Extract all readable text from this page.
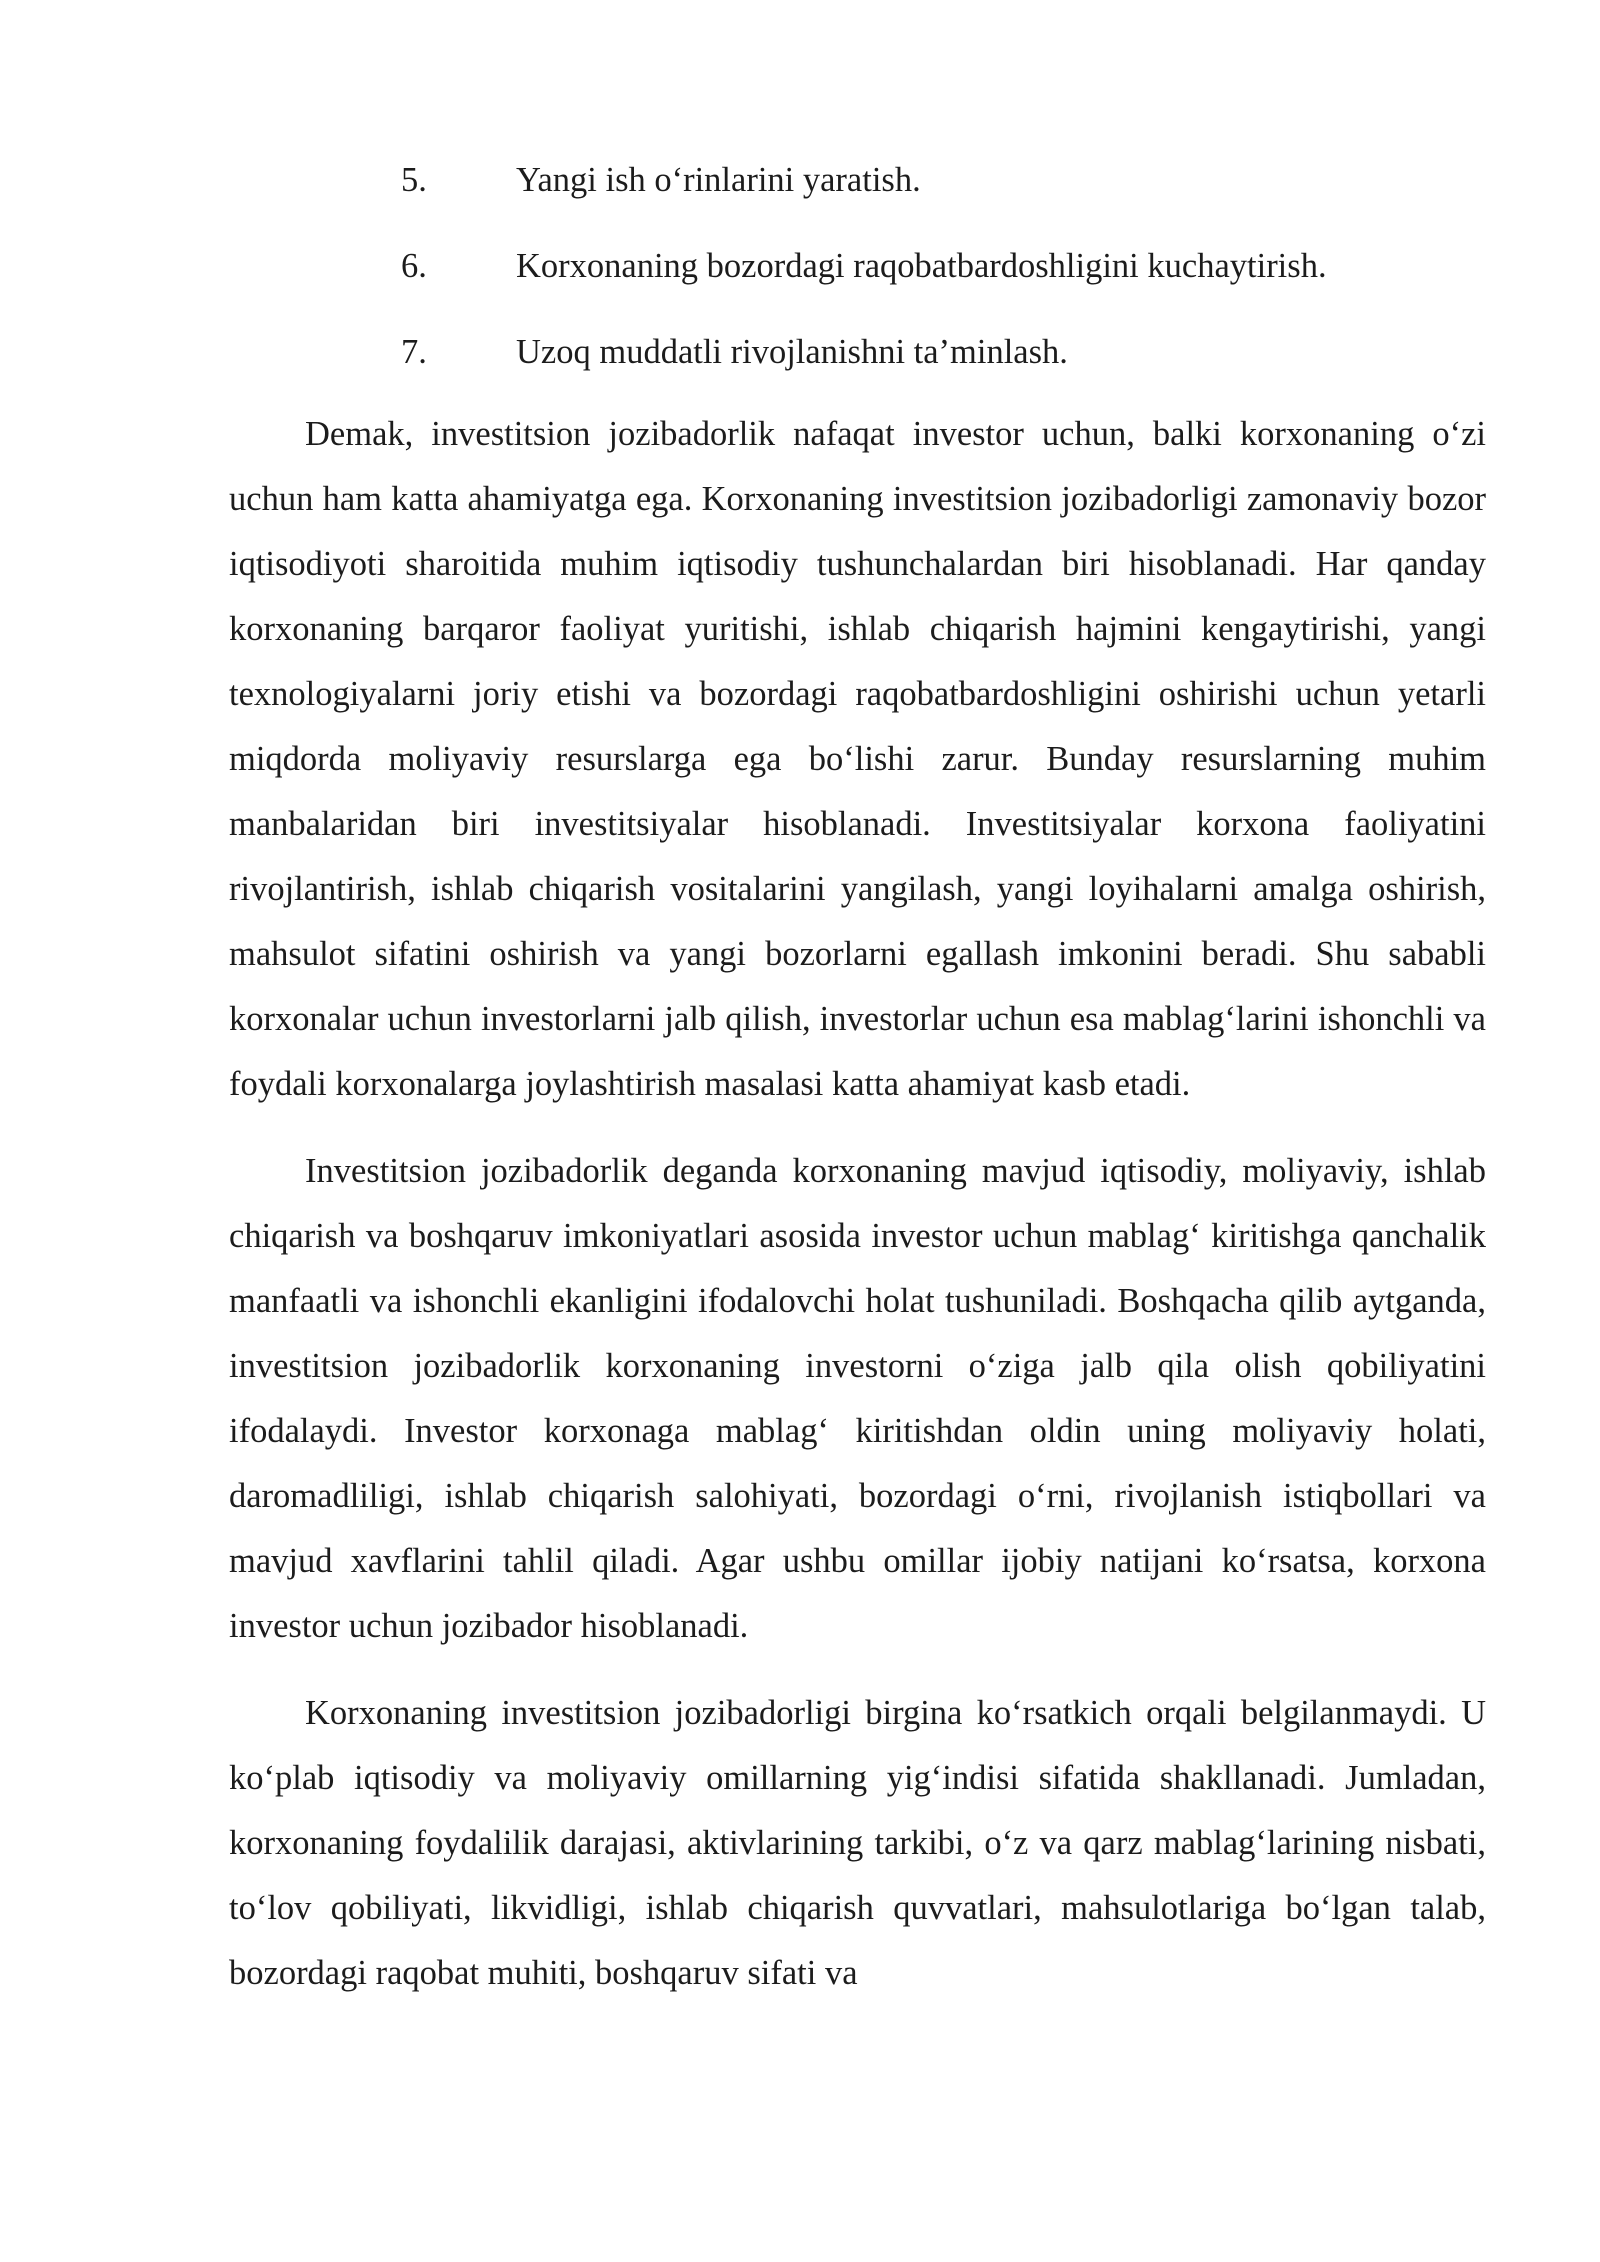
5.	Yangi ish o‘rinlarini yaratish.
6.	Korxonaning bozordagi raqobatbardoshligini kuchaytirish.
7.	Uzoq muddatli rivojlanishni ta’minlash.

Demak, investitsion jozibadorlik nafaqat investor uchun, balki korxonaning o‘zi uchun ham katta ahamiyatga ega. Korxonaning investitsion jozibadorligi zamonaviy bozor iqtisodiyoti sharoitida muhim iqtisodiy tushunchalardan biri hisoblanadi. Har qanday korxonaning barqaror faoliyat yuritishi, ishlab chiqarish hajmini kengaytirishi, yangi texnologiyalarni joriy etishi va bozordagi raqobatbardoshligini oshirishi uchun yetarli miqdorda moliyaviy resurslarga ega bo‘lishi zarur. Bunday resurslarning muhim manbalaridan biri investitsiyalar hisoblanadi. Investitsiyalar korxona faoliyatini rivojlantirish, ishlab chiqarish vositalarini yangilash, yangi loyihalarni amalga oshirish, mahsulot sifatini oshirish va yangi bozorlarni egallash imkonini beradi. Shu sababli korxonalar uchun investorlarni jalb qilish, investorlar uchun esa mablag‘larini ishonchli va foydali korxonalarga joylashtirish masalasi katta ahamiyat kasb etadi.

Investitsion jozibadorlik deganda korxonaning mavjud iqtisodiy, moliyaviy, ishlab chiqarish va boshqaruv imkoniyatlari asosida investor uchun mablag‘ kiritishga qanchalik manfaatli va ishonchli ekanligini ifodalovchi holat tushuniladi. Boshqacha qilib aytganda, investitsion jozibadorlik korxonaning investorni o‘ziga jalb qila olish qobiliyatini ifodalaydi. Investor korxonaga mablag‘ kiritishdan oldin uning moliyaviy holati, daromadliligi, ishlab chiqarish salohiyati, bozordagi o‘rni, rivojlanish istiqbollari va mavjud xavflarini tahlil qiladi. Agar ushbu omillar ijobiy natijani ko‘rsatsa, korxona investor uchun jozibador hisoblanadi.

Korxonaning investitsion jozibadorligi birgina ko‘rsatkich orqali belgilanmaydi. U ko‘plab iqtisodiy va moliyaviy omillarning yig‘indisi sifatida shakllanadi. Jumladan, korxonaning foydalilik darajasi, aktivlarining tarkibi, o‘z va qarz mablag‘larining nisbati, to‘lov qobiliyati, likvidligi, ishlab chiqarish quvvatlari, mahsulotlariga bo‘lgan talab, bozordagi raqobat muhiti, boshqaruv sifati va
